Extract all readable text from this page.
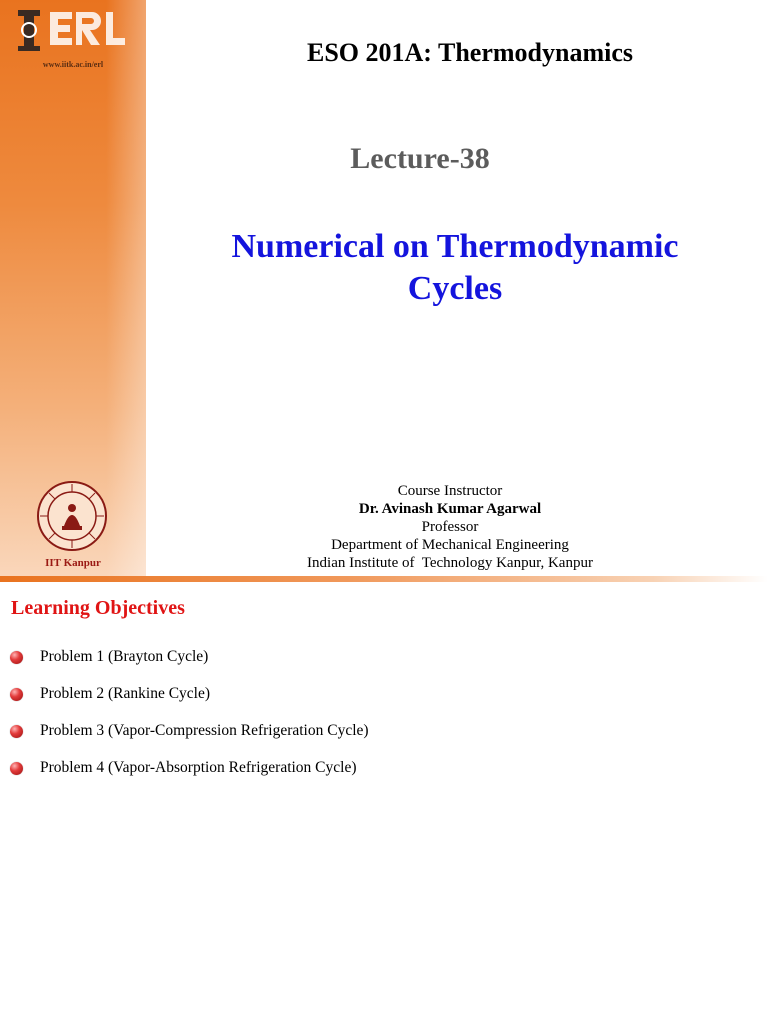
www.iitk.ac.in/erl
IIT Kanpur
ESO 201A: Thermodynamics
Lecture-38
Numerical on Thermodynamic
Cycles
Course Instructor
Dr. Avinash Kumar Agarwal
Professor
Department of Mechanical Engineering
Indian Institute of  Technology Kanpur, Kanpur
Learning Objectives
Problem 1 (Brayton Cycle)
Problem 2 (Rankine Cycle)
Problem 3 (Vapor-Compression Refrigeration Cycle)
Problem 4 (Vapor-Absorption Refrigeration Cycle)
